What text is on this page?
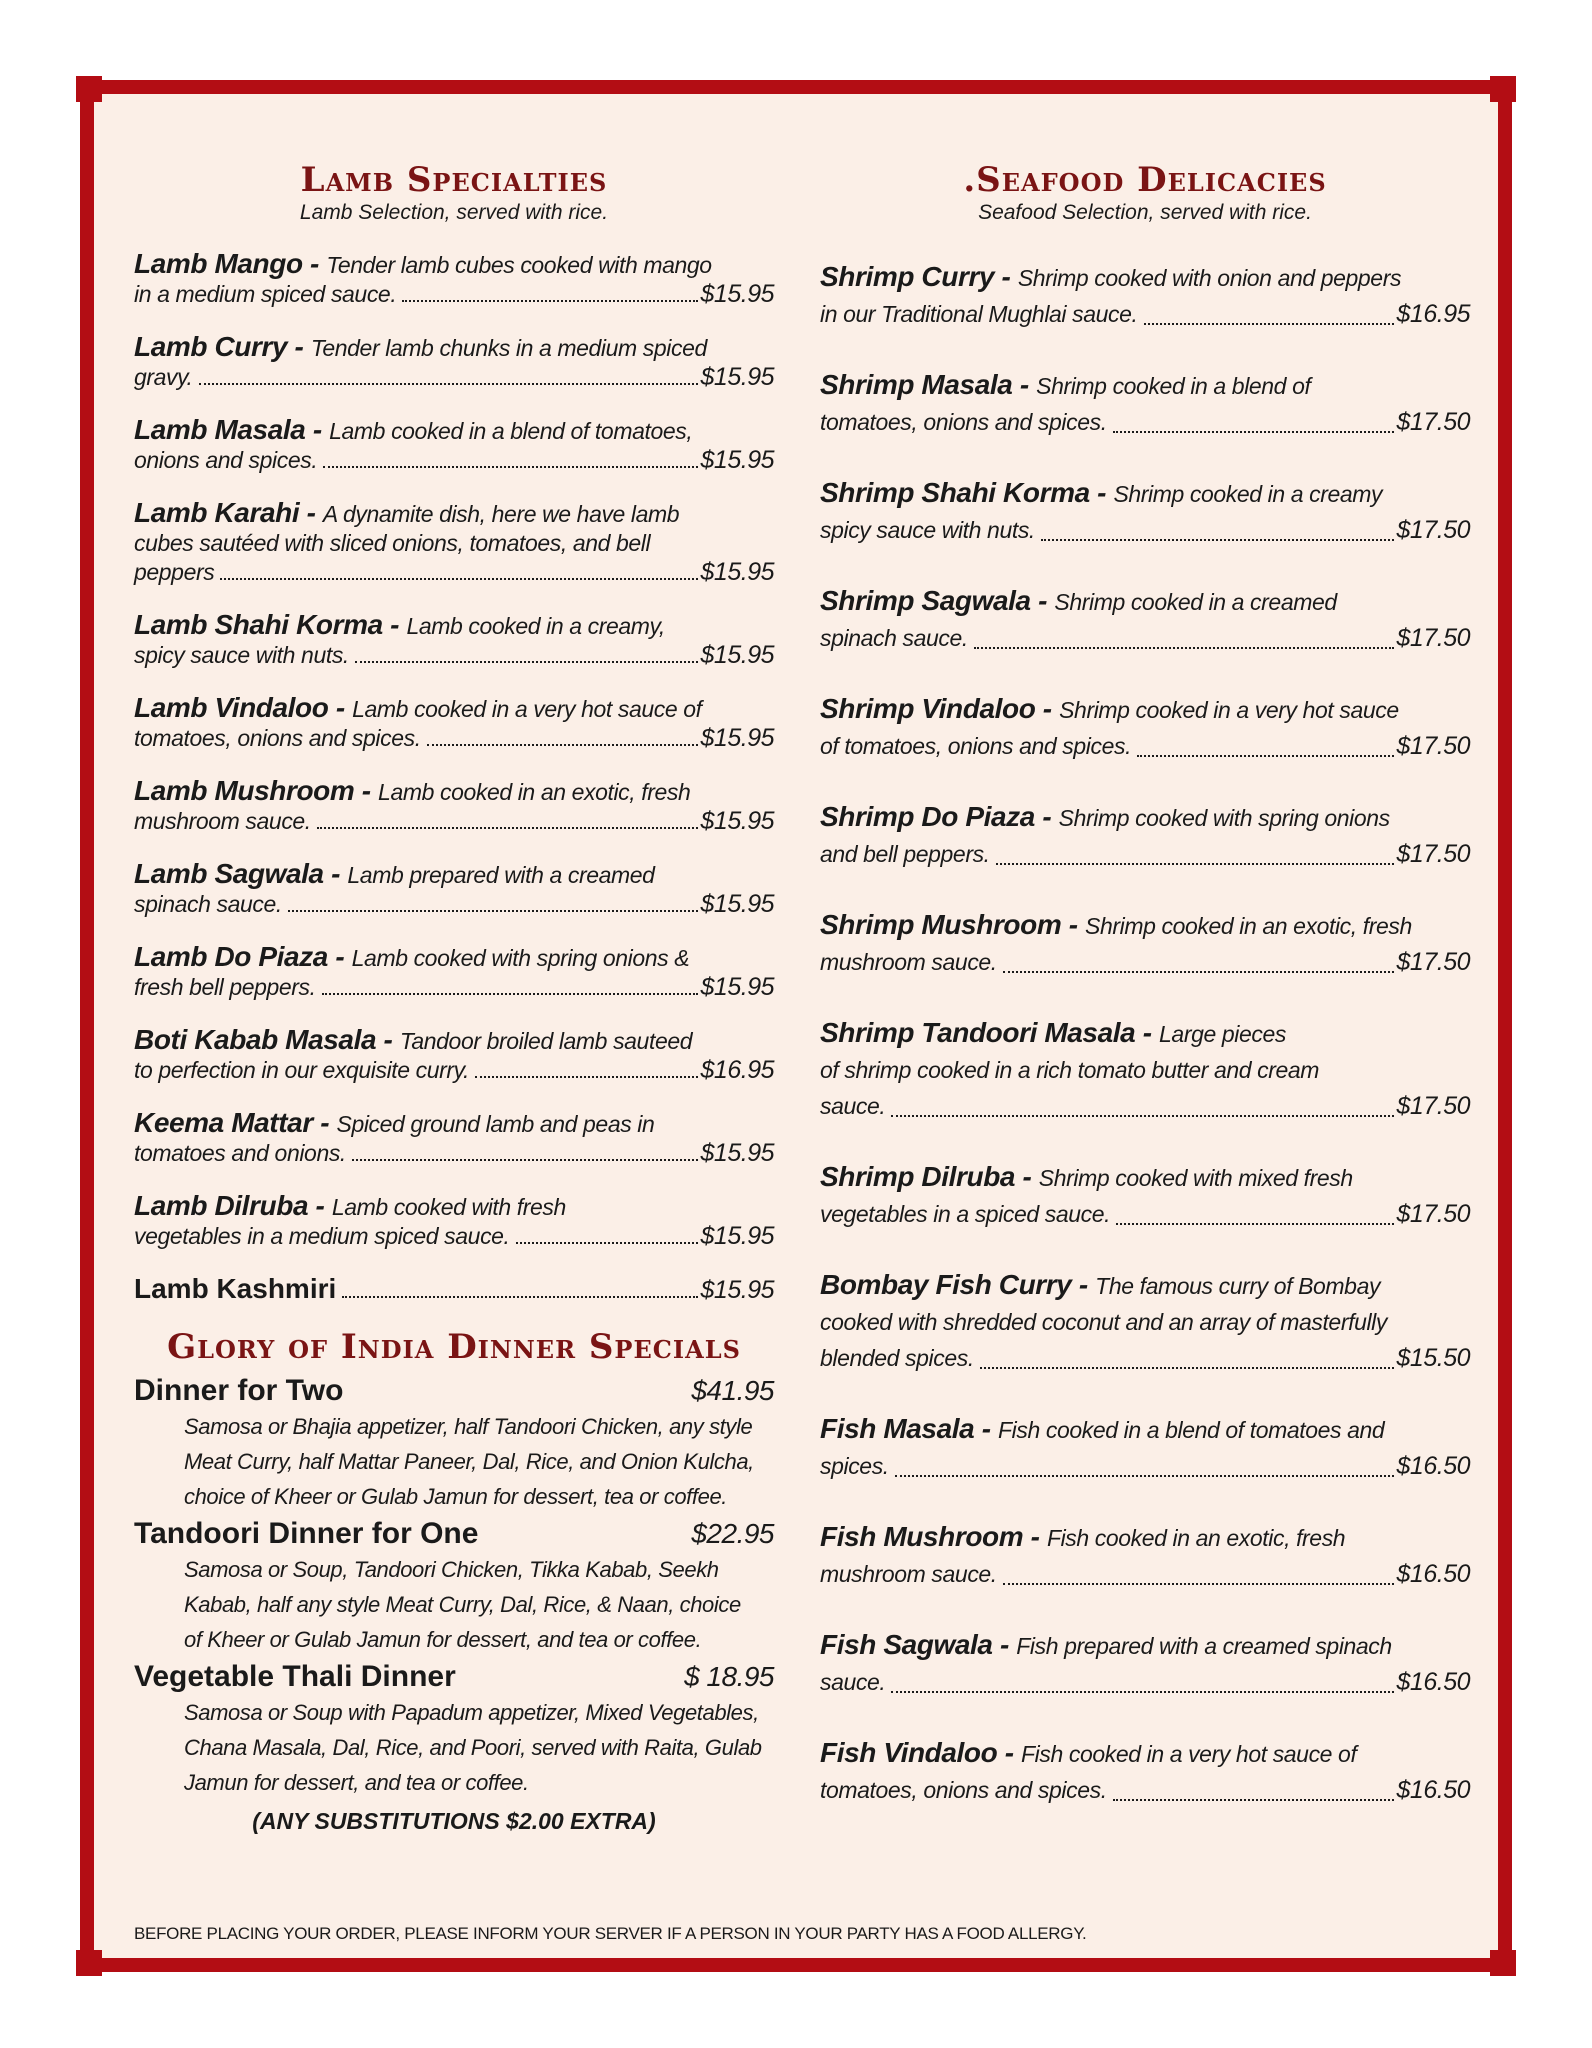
Lamb Specialties
Lamb Selection, served with rice.
Lamb Mango - Tender lamb cubes cooked with mango
in a medium spiced sauce.	$15.95
Lamb Curry - Tender lamb chunks in a medium spiced
gravy.	$15.95
Lamb Masala - Lamb cooked in a blend of tomatoes,
onions and spices.	$15.95
Lamb Karahi - A dynamite dish, here we have lamb
cubes sautéed with sliced onions, tomatoes, and bell
peppers	$15.95
Lamb Shahi Korma - Lamb cooked in a creamy,
spicy sauce with nuts.	$15.95
Lamb Vindaloo - Lamb cooked in a very hot sauce of
tomatoes, onions and spices.	$15.95
Lamb Mushroom - Lamb cooked in an exotic, fresh
mushroom sauce.	$15.95
Lamb Sagwala - Lamb prepared with a creamed
spinach sauce.	$15.95
Lamb Do Piaza - Lamb cooked with spring onions &
fresh bell peppers.	$15.95
Boti Kabab Masala - Tandoor broiled lamb sauteed
to perfection in our exquisite curry.	$16.95
Keema Mattar - Spiced ground lamb and peas in
tomatoes and onions.	$15.95
Lamb Dilruba - Lamb cooked with fresh
vegetables in a medium spiced sauce.	$15.95
Lamb Kashmiri	$15.95
Glory of India Dinner Specials
Dinner for Two	$41.95
Samosa or Bhajia appetizer, half Tandoori Chicken, any style
Meat Curry, half Mattar Paneer, Dal, Rice, and Onion Kulcha,
choice of Kheer or Gulab Jamun for dessert, tea or coffee.
Tandoori Dinner for One	$22.95
Samosa or Soup, Tandoori Chicken, Tikka Kabab, Seekh
Kabab, half any style Meat Curry, Dal, Rice, & Naan, choice
of Kheer or Gulab Jamun for dessert, and tea or coffee.
Vegetable Thali Dinner	$ 18.95
Samosa or Soup with Papadum appetizer, Mixed Vegetables,
Chana Masala, Dal, Rice, and Poori, served with Raita, Gulab
Jamun for dessert, and tea or coffee.
(ANY SUBSTITUTIONS $2.00 EXTRA)
.Seafood Delicacies
Seafood Selection, served with rice.
Shrimp Curry - Shrimp cooked with onion and peppers
in our Traditional Mughlai sauce.	$16.95
Shrimp Masala - Shrimp cooked in a blend of
tomatoes, onions and spices.	$17.50
Shrimp Shahi Korma - Shrimp cooked in a creamy
spicy sauce with nuts.	$17.50
Shrimp Sagwala - Shrimp cooked in a creamed
spinach sauce.	$17.50
Shrimp Vindaloo - Shrimp cooked in a very hot sauce
of tomatoes, onions and spices.	$17.50
Shrimp Do Piaza - Shrimp cooked with spring onions
and bell peppers.	$17.50
Shrimp Mushroom - Shrimp cooked in an exotic, fresh
mushroom sauce.	$17.50
Shrimp Tandoori Masala - Large pieces
of shrimp cooked in a rich tomato butter and cream
sauce.	$17.50
Shrimp Dilruba - Shrimp cooked with mixed fresh
vegetables in a spiced sauce.	$17.50
Bombay Fish Curry - The famous curry of Bombay
cooked with shredded coconut and an array of masterfully
blended spices.	$15.50
Fish Masala - Fish cooked in a blend of tomatoes and
spices.	$16.50
Fish Mushroom - Fish cooked in an exotic, fresh
mushroom sauce.	$16.50
Fish Sagwala - Fish prepared with a creamed spinach
sauce.	$16.50
Fish Vindaloo - Fish cooked in a very hot sauce of
tomatoes, onions and spices.	$16.50
BEFORE PLACING YOUR ORDER, PLEASE INFORM YOUR SERVER IF A PERSON IN YOUR PARTY HAS A FOOD ALLERGY.
